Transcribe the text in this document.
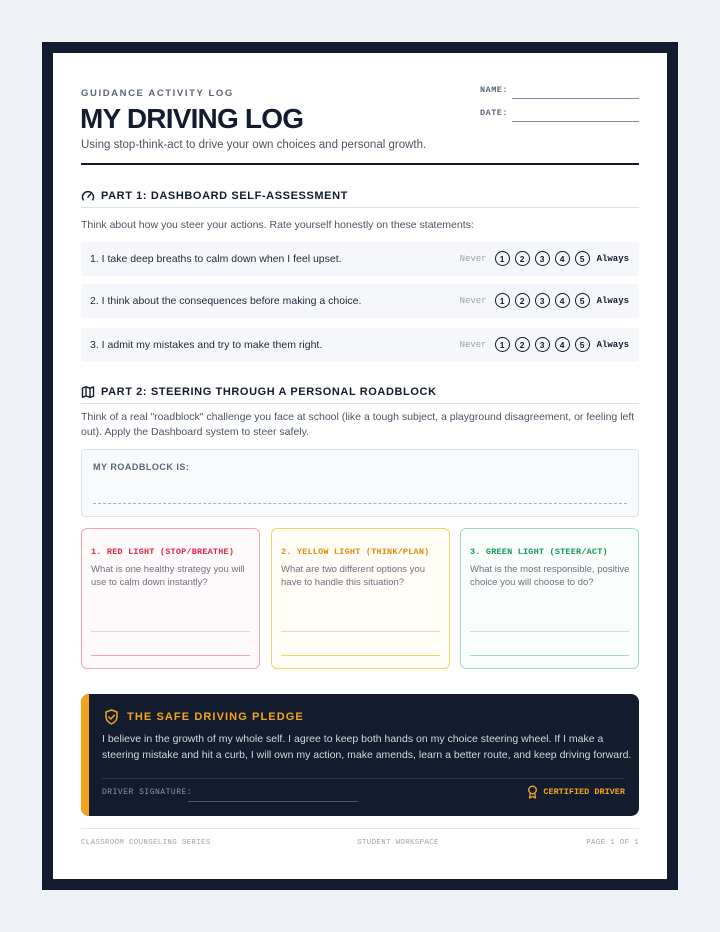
GUIDANCE ACTIVITY LOG
MY DRIVING LOG
Using stop-think-act to drive your own choices and personal growth.
NAME:
DATE:
PART 1: DASHBOARD SELF-ASSESSMENT
Think about how you steer your actions. Rate yourself honestly on these statements:
1. I take deep breaths to calm down when I feel upset.	Never	1	2	3	4	5	Always
2. I think about the consequences before making a choice.	Never	1	2	3	4	5	Always
3. I admit my mistakes and try to make them right.	Never	1	2	3	4	5	Always
PART 2: STEERING THROUGH A PERSONAL ROADBLOCK
Think of a real "roadblock" challenge you face at school (like a tough subject, a playground disagreement, or feeling left out). Apply the Dashboard system to steer safely.
MY ROADBLOCK IS:
1. RED LIGHT (STOP/BREATHE)
What is one healthy strategy you will use to calm down instantly?
2. YELLOW LIGHT (THINK/PLAN)
What are two different options you have to handle this situation?
3. GREEN LIGHT (STEER/ACT)
What is the most responsible, positive choice you will choose to do?
THE SAFE DRIVING PLEDGE
I believe in the growth of my whole self. I agree to keep both hands on my choice steering wheel. If I make a steering mistake and hit a curb, I will own my action, make amends, learn a better route, and keep driving forward.
DRIVER SIGNATURE:	CERTIFIED DRIVER
CLASSROOM COUNSELING SERIES	STUDENT WORKSPACE	PAGE 1 OF 1
